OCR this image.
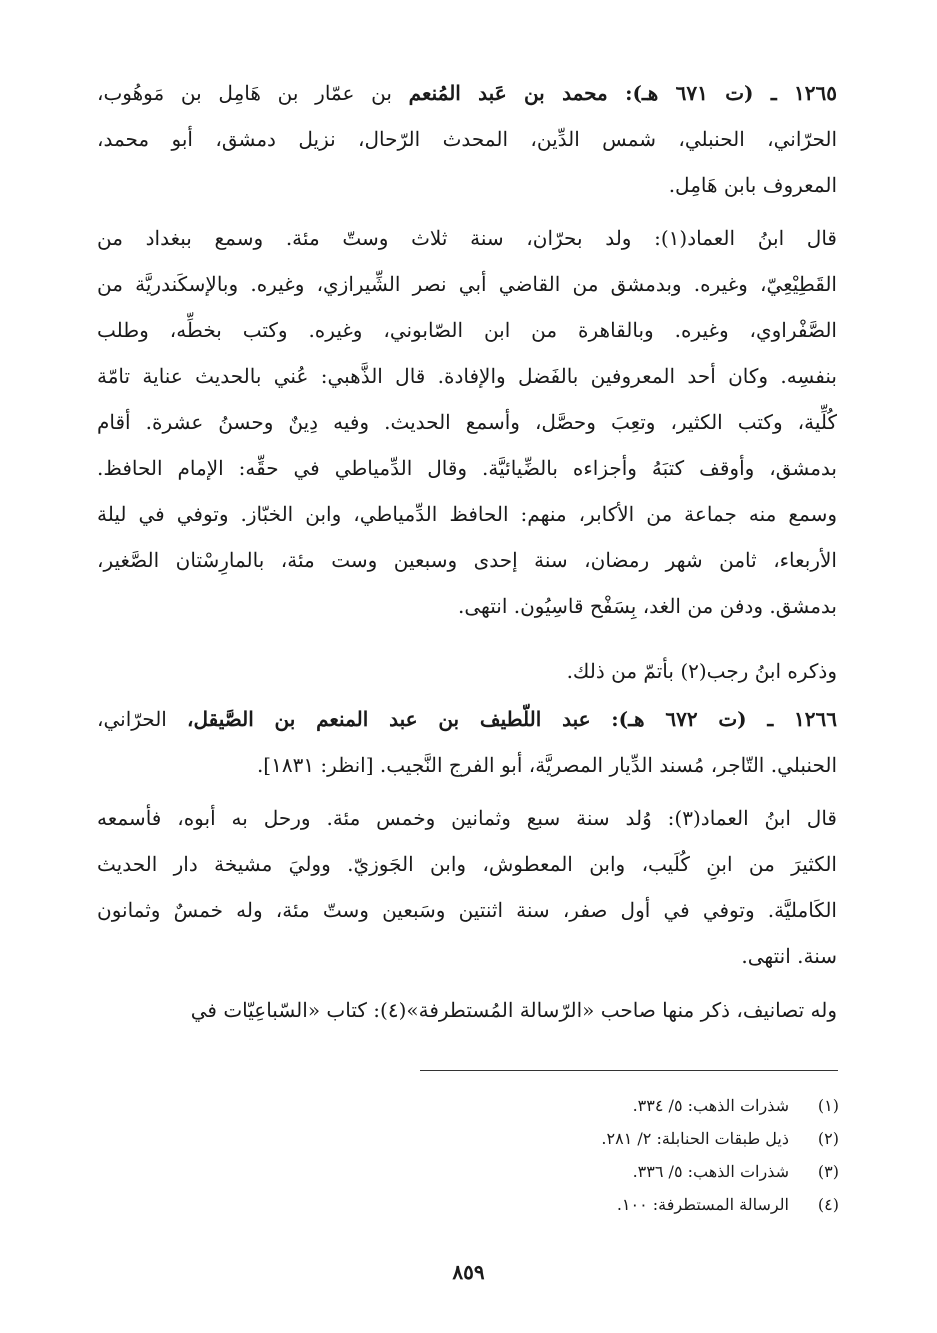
١٢٦٥ ـ (ت ٦٧١ هـ): محمد بن عَبد المُنعم بن عمّار بن هَامِل بن مَوهُوب،
الحرّاني، الحنبلي، شمس الدِّين، المحدث الرّحال، نزيل دمشق، أبو محمد،
المعروف بابن هَامِل.
قال ابنُ العماد(١): ولد بحرّان، سنة ثلاث وستّ مئة. وسمع ببغداد من
القَطِيْعِيّ، وغيره. وبدمشق من القاضي أبي نصر الشِّيرازي، وغيره. وبالإسكَندريَّة من
الصَّفْراوي، وغيره. وبالقاهرة من ابن الصّابوني، وغيره. وكتب بخطِّه، وطلب
بنفسِه. وكان أحد المعروفين بالفَضل والإفادة. قال الذَّهبي: عُني بالحديث عناية تامّة
كُلِّية، وكتب الكثير، وتعِبَ وحصَّل، وأسمع الحديث. وفيه دِينٌ وحسنُ عشرة. أقام
بدمشق، وأوقف كتبَهُ وأجزاءه بالضِّيائيَّة. وقال الدِّمياطي في حقِّه: الإمام الحافظ.
وسمع منه جماعة من الأكابر، منهم: الحافظ الدِّمياطي، وابن الخبّاز. وتوفي في ليلة
الأربعاء، ثامن شهر رمضان، سنة إحدى وسبعين وست مئة، بالمارِسْتان الصَّغير،
بدمشق. ودفن من الغد، بِسَفْح قاسِيُون. انتهى.
وذكره ابنُ رجب(٢) بأتمّ من ذلك.
١٢٦٦ ـ (ت ٦٧٢ هـ): عبد اللّطيف بن عبد المنعم بن الصَّيقل، الحرّاني،
الحنبلي. التّاجر، مُسند الدِّيار المصريَّة، أبو الفرج النَّجيب. [انظر: ١٨٣١].
قال ابنُ العماد(٣): وُلد سنة سبع وثمانين وخمس مئة. ورحل به أبوه، فأسمعه
الكثيرَ من ابنِ كُلَيب، وابن المعطوش، وابن الجَوزيّ. ووليَ مشيخة دار الحديث
الكَامليَّة. وتوفي في أول صفر، سنة اثنتين وسَبعين وستّ مئة، وله خمسٌ وثمانون
سنة. انتهى.
وله تصانيف، ذكر منها صاحب «الرّسالة المُستطرفة»(٤): كتاب «السّباعِيّات في
(١)شذرات الذهب: ٥/ ٣٣٤.
(٢)ذيل طبقات الحنابلة: ٢/ ٢٨١.
(٣)شذرات الذهب: ٥/ ٣٣٦.
(٤)الرسالة المستطرفة: ١٠٠.
٨٥٩
